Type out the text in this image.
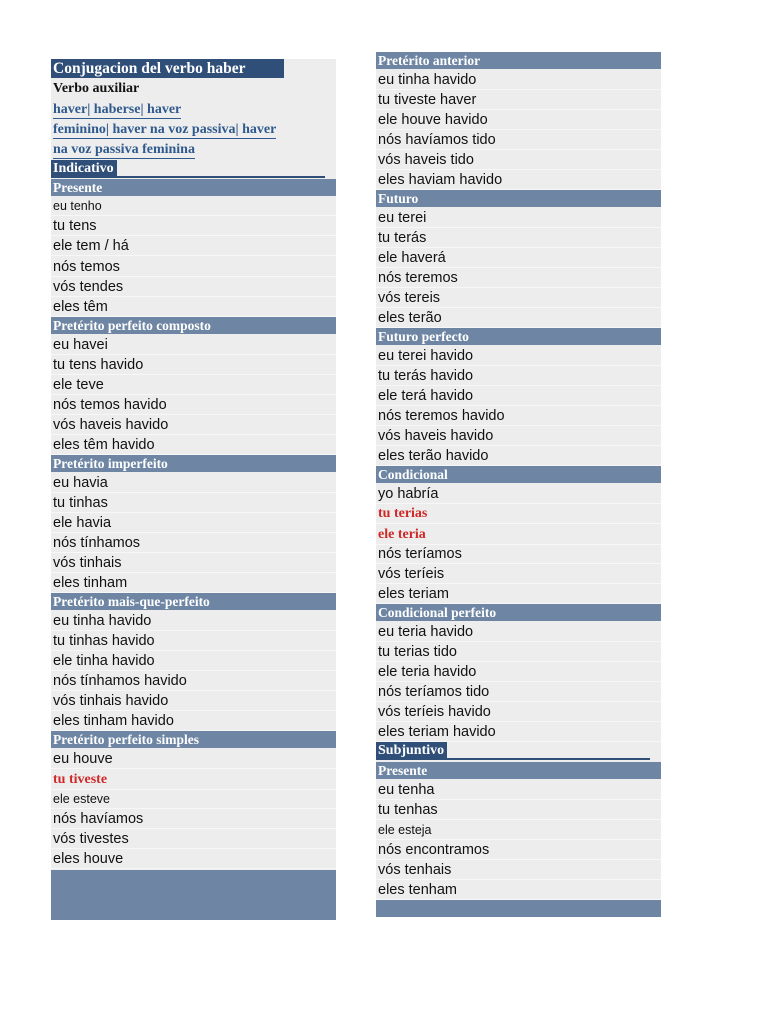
Conjugacion del verbo haber
Verbo auxiliar
haver| haberse| haver
feminino| haver na voz passiva| haver
na voz passiva feminina
Indicativo
Presente
eu tenho
tu tens
ele tem / há
nós temos
vós tendes
eles têm
Pretérito perfeito composto
eu havei
tu tens havido
ele teve
nós temos havido
vós haveis havido
eles têm havido
Pretérito imperfeito
eu havia
tu tinhas
ele havia
nós tínhamos
vós tinhais
eles tinham
Pretérito mais-que-perfeito
eu tinha havido
tu tinhas havido
ele tinha havido
nós tínhamos havido
vós tinhais havido
eles tinham havido
Pretérito perfeito simples
eu houve
tu tiveste
ele esteve
nós havíamos
vós tivestes
eles houve
Pretérito anterior
eu tinha havido
tu tiveste haver
ele houve havido
nós havíamos tido
vós haveis tido
eles haviam havido
Futuro
eu terei
tu terás
ele haverá
nós teremos
vós tereis
eles terão
Futuro perfecto
eu terei havido
tu terás havido
ele terá havido
nós teremos havido
vós haveis havido
eles terão havido
Condicional
yo habría
tu terias
ele teria
nós teríamos
vós teríeis
eles teriam
Condicional perfeito
eu teria havido
tu terias tido
ele teria havido
nós teríamos tido
vós teríeis havido
eles teriam havido
Subjuntivo
Presente
eu tenha
tu tenhas
ele esteja
nós encontramos
vós tenhais
eles tenham
